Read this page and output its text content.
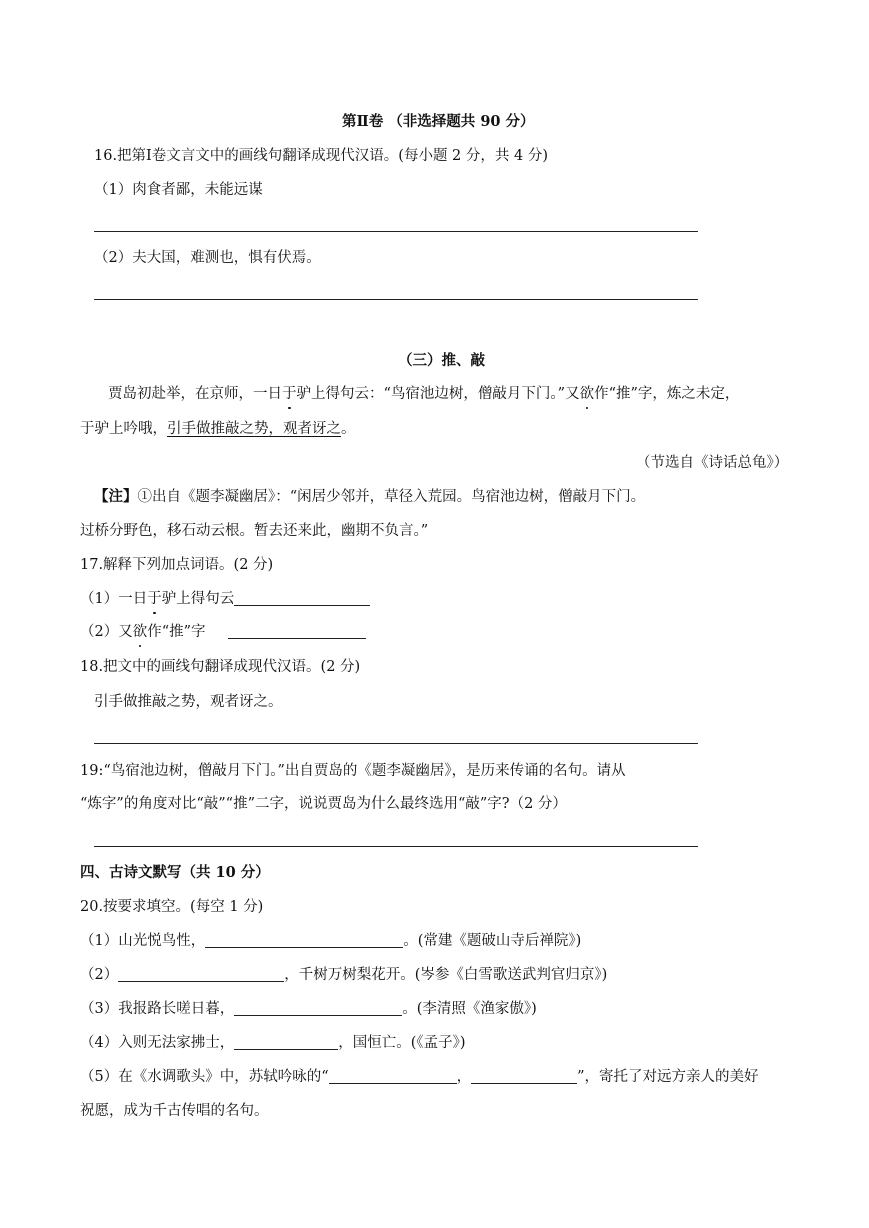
第Ⅱ卷 （非选择题共 90 分）
16.把第Ⅰ卷文言文中的画线句翻译成现代汉语。(每小题 2 分，共 4 分)
（1）肉食者鄙，未能远谋
（2）夫大国，难测也，惧有伏焉。
（三）推、敲
贾岛初赴举，在京师，一日于驴上得句云：“鸟宿池边树，僧敲月下门。”又欲作“推”字，炼之未定，
于驴上吟哦，引手做推敲之势，观者讶之。
（节选自《诗话总龟》）
【注】①出自《题李凝幽居》：“闲居少邻并，草径入荒园。鸟宿池边树，僧敲月下门。
过桥分野色，移石动云根。暂去还来此，幽期不负言。”
17.解释下列加点词语。(2 分)
（1）一日于驴上得句云
（2）又欲作“推”字
18.把文中的画线句翻译成现代汉语。(2 分)
引手做推敲之势，观者讶之。
19:“鸟宿池边树，僧敲月下门。”出自贾岛的《题李凝幽居》，是历来传诵的名句。请从
“炼字”的角度对比“敲”“推”二字，说说贾岛为什么最终选用“敲”字?（2 分）
四、古诗文默写（共 10 分）
20.按要求填空。(每空 1 分)
（1）山光悦鸟性，	。(常建《题破山寺后禅院》)
（2）	，千树万树梨花开。(岑参《白雪歌送武判官归京》)
（3）我报路长嗟日暮，	。(李清照《渔家傲》)
（4）入则无法家拂士，	，国恒亡。(《孟子》)
（5）在《水调歌头》中，苏轼吟咏的“	，	”，寄托了对远方亲人的美好
祝愿，成为千古传唱的名句。
